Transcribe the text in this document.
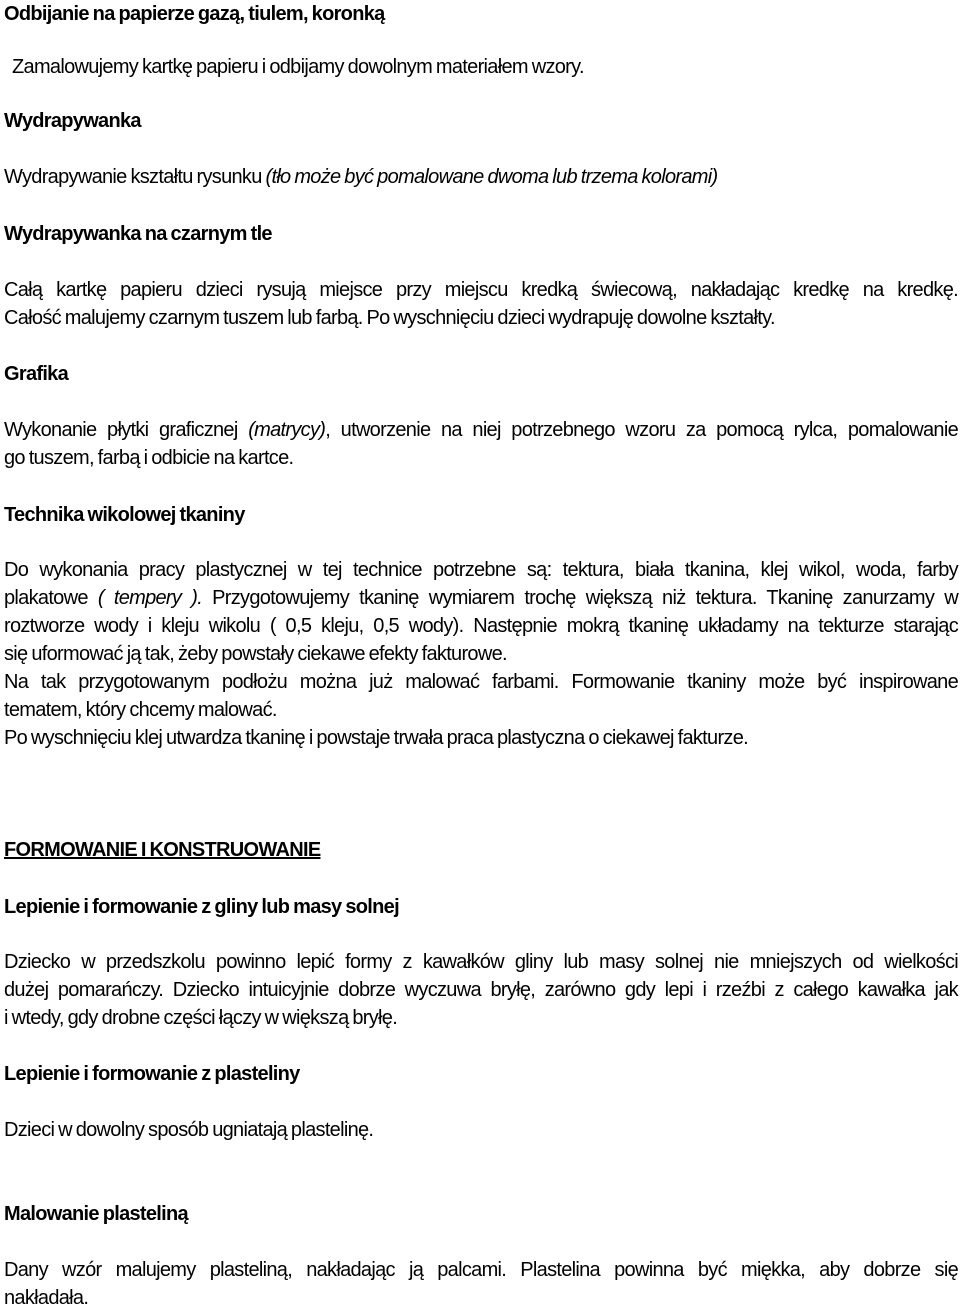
Odbijanie na papierze gazą, tiulem, koronką

Zamalowujemy kartkę papieru i odbijamy dowolnym materiałem wzory.

Wydrapywanka

Wydrapywanie kształtu rysunku (tło może być pomalowane dwoma lub trzema kolorami)

Wydrapywanka na czarnym tle

Całą kartkę papieru dzieci rysują miejsce przy miejscu kredką świecową, nakładając kredkę na kredkę.
Całość malujemy czarnym tuszem lub farbą. Po wyschnięciu dzieci wydrapuję dowolne kształty.

Grafika

Wykonanie płytki graficznej (matrycy), utworzenie na niej potrzebnego wzoru za pomocą rylca, pomalowanie
go tuszem, farbą i odbicie na kartce.

Technika wikolowej tkaniny

Do wykonania pracy plastycznej w tej technice potrzebne są: tektura, biała tkanina, klej wikol, woda, farby
plakatowe ( tempery ). Przygotowujemy tkaninę wymiarem trochę większą niż tektura. Tkaninę zanurzamy w
roztworze wody i kleju wikolu ( 0,5 kleju, 0,5 wody). Następnie mokrą tkaninę układamy na tekturze starając
się uformować ją tak, żeby powstały ciekawe efekty fakturowe.
Na tak przygotowanym podłożu można już malować farbami. Formowanie tkaniny może być inspirowane
tematem, który chcemy malować.
Po wyschnięciu klej utwardza tkaninę i powstaje trwała praca plastyczna o ciekawej fakturze.

FORMOWANIE I KONSTRUOWANIE

Lepienie i formowanie z gliny lub masy solnej

Dziecko w przedszkolu powinno lepić formy z kawałków gliny lub masy solnej nie mniejszych od wielkości
dużej pomarańczy. Dziecko intuicyjnie dobrze wyczuwa bryłę, zarówno gdy lepi i rzeźbi z całego kawałka jak
i wtedy, gdy drobne części łączy w większą bryłę.

Lepienie i formowanie z plasteliny

Dzieci w dowolny sposób ugniatają plastelinę.

Malowanie plasteliną

Dany wzór malujemy plasteliną, nakładając ją palcami. Plastelina powinna być miękka, aby dobrze się
nakładała.
